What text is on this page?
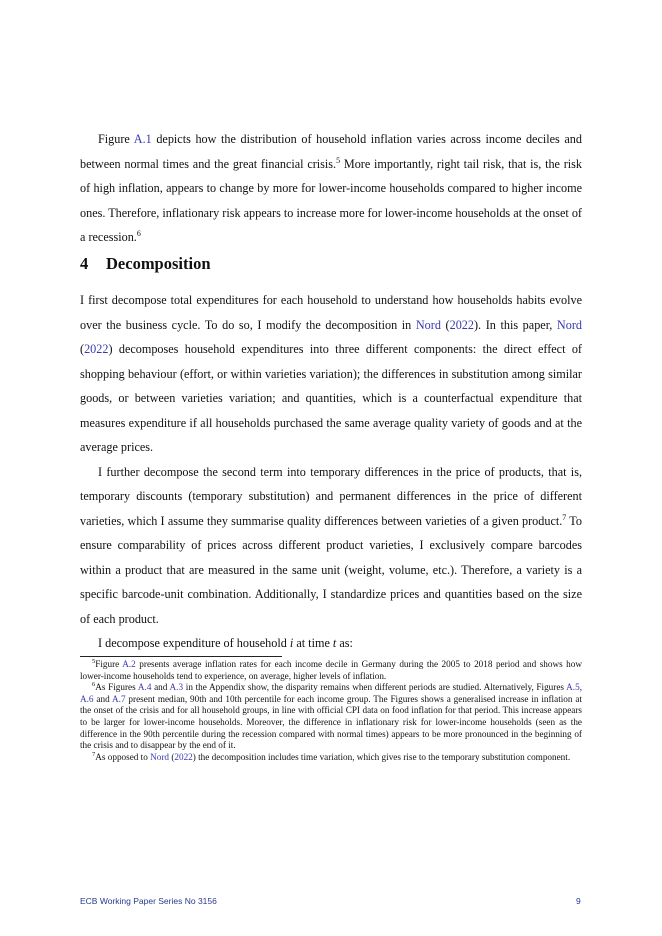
Figure A.1 depicts how the distribution of household inflation varies across income deciles and between normal times and the great financial crisis.$^5$ More importantly, right tail risk, that is, the risk of high inflation, appears to change by more for lower-income households compared to higher income ones. Therefore, inflationary risk appears to increase more for lower-income households at the onset of a recession.$^6$

4 Decomposition

I first decompose total expenditures for each household to understand how households habits evolve over the business cycle. To do so, I modify the decomposition in Nord (2022). In this paper, Nord (2022) decomposes household expenditures into three different components: the direct effect of shopping behaviour (effort, or within varieties variation); the differences in substitution among similar goods, or between varieties variation; and quantities, which is a counterfactual expenditure that measures expenditure if all households purchased the same average quality variety of goods and at the average prices.

I further decompose the second term into temporary differences in the price of products, that is, temporary discounts (temporary substitution) and permanent differences in the price of different varieties, which I assume they summarise quality differences between varieties of a given product.$^7$ To ensure comparability of prices across different product varieties, I exclusively compare barcodes within a product that are measured in the same unit (weight, volume, etc.). Therefore, a variety is a specific barcode-unit combination. Additionally, I standardize prices and quantities based on the size of each product.

I decompose expenditure of household i at time t as:

$^5$Figure A.2 presents average inflation rates for each income decile in Germany during the 2005 to 2018 period and shows how lower-income households tend to experience, on average, higher levels of inflation.

$^6$As Figures A.4 and A.3 in the Appendix show, the disparity remains when different periods are studied. Alternatively, Figures A.5, A.6 and A.7 present median, 90th and 10th percentile for each income group. The Figures shows a generalised increase in inflation at the onset of the crisis and for all household groups, in line with official CPI data on food inflation for that period. This increase appears to be larger for lower-income households. Moreover, the difference in inflationary risk for lower-income households (seen as the difference in the 90th percentile during the recession compared with normal times) appears to be more pronounced in the beginning of the crisis and to disappear by the end of it.

$^7$As opposed to Nord (2022) the decomposition includes time variation, which gives rise to the temporary substitution component.

ECB Working Paper Series No 3156	9
